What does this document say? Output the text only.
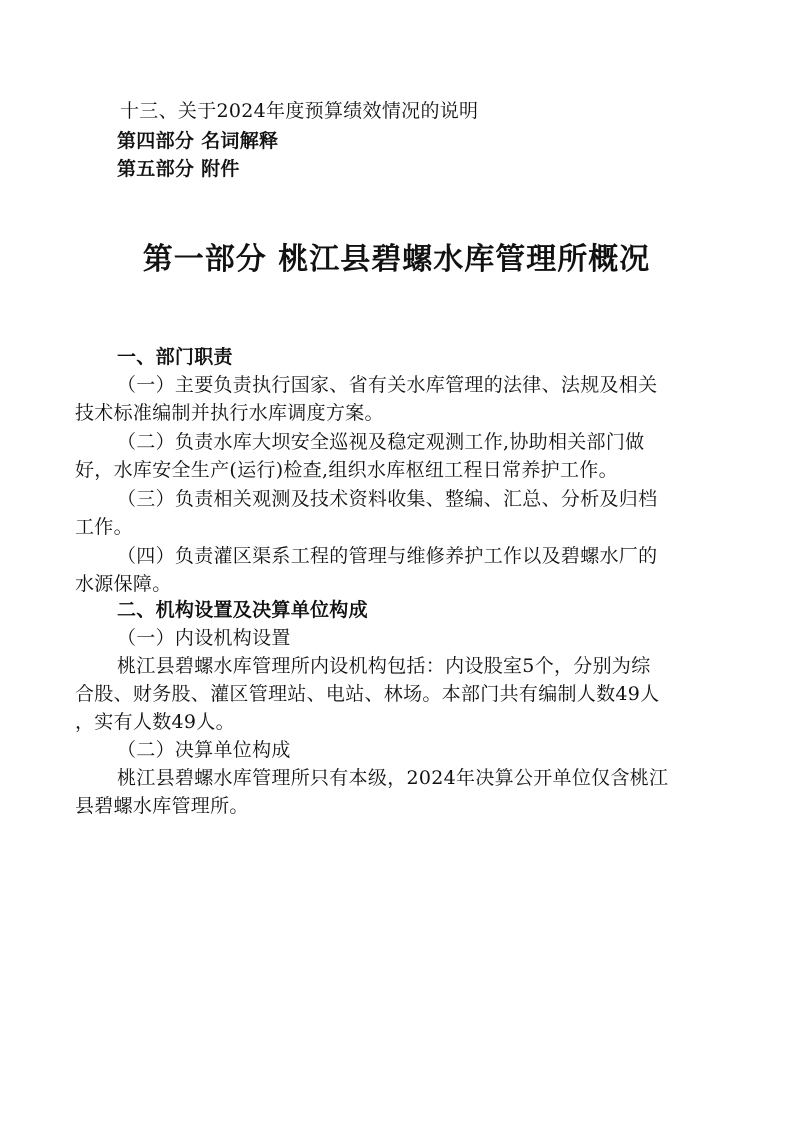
十三、关于2024年度预算绩效情况的说明
第四部分 名词解释
第五部分 附件
第一部分 桃江县碧螺水库管理所概况
一、部门职责
（一）主要负责执行国家、省有关水库管理的法律、法规及相关
技术标准编制并执行水库调度方案。
（二）负责水库大坝安全巡视及稳定观测工作,协助相关部门做
好，水库安全生产(运行)检查,组织水库枢纽工程日常养护工作。
（三）负责相关观测及技术资料收集、整编、汇总、分析及归档
工作。
（四）负责灌区渠系工程的管理与维修养护工作以及碧螺水厂的
水源保障。
二、机构设置及决算单位构成
（一）内设机构设置
桃江县碧螺水库管理所内设机构包括：内设股室5个，分别为综
合股、财务股、灌区管理站、电站、林场。本部门共有编制人数49人
，实有人数49人。
（二）决算单位构成
桃江县碧螺水库管理所只有本级，2024年决算公开单位仅含桃江
县碧螺水库管理所。
